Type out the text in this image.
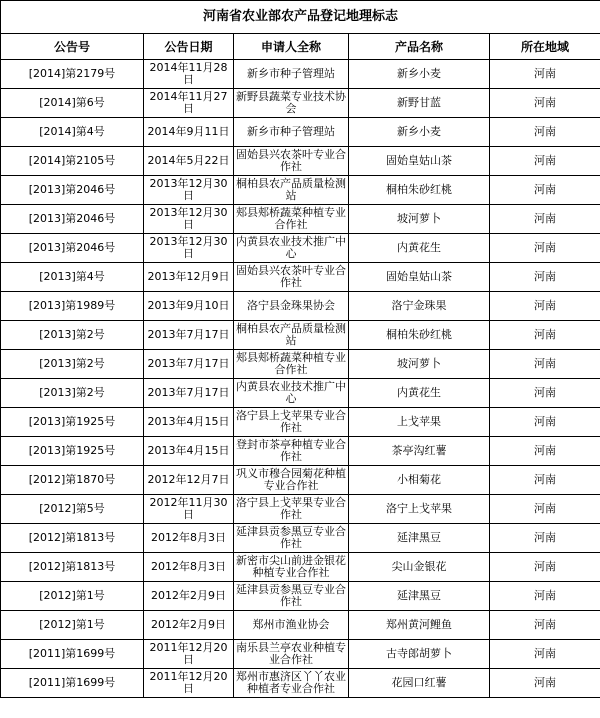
河南省农业部农产品登记地理标志				
公告号	公告日期	申请人全称	产品名称	所在地域
[2014]第2179号	2014年11月28日	新乡市种子管理站	新乡小麦	河南
[2014]第6号	2014年11月27日	新野县蔬菜专业技术协会	新野甘蓝	河南
[2014]第4号	2014年9月11日	新乡市种子管理站	新乡小麦	河南
[2014]第2105号	2014年5月22日	固始县兴农茶叶专业合作社	固始皇姑山茶	河南
[2013]第2046号	2013年12月30日	桐柏县农产品质量检测站	桐柏朱砂红桃	河南
[2013]第2046号	2013年12月30日	郏县郏桥蔬菜种植专业合作社	坡河萝卜	河南
[2013]第2046号	2013年12月30日	内黄县农业技术推广中心	内黄花生	河南
[2013]第4号	2013年12月9日	固始县兴农茶叶专业合作社	固始皇姑山茶	河南
[2013]第1989号	2013年9月10日	洛宁县金珠果协会	洛宁金珠果	河南
[2013]第2号	2013年7月17日	桐柏县农产品质量检测站	桐柏朱砂红桃	河南
[2013]第2号	2013年7月17日	郏县郏桥蔬菜种植专业合作社	坡河萝卜	河南
[2013]第2号	2013年7月17日	内黄县农业技术推广中心	内黄花生	河南
[2013]第1925号	2013年4月15日	洛宁县上戈苹果专业合作社	上戈苹果	河南
[2013]第1925号	2013年4月15日	登封市茶亭种植专业合作社	茶亭沟红薯	河南
[2012]第1870号	2012年12月7日	巩义市穆合园菊花种植专业合作社	小相菊花	河南
[2012]第5号	2012年11月30日	洛宁县上戈苹果专业合作社	洛宁上戈苹果	河南
[2012]第1813号	2012年8月3日	延津县贡参黑豆专业合作社	延津黑豆	河南
[2012]第1813号	2012年8月3日	新密市尖山前进金银花种植专业合作社	尖山金银花	河南
[2012]第1号	2012年2月9日	延津县贡参黑豆专业合作社	延津黑豆	河南
[2012]第1号	2012年2月9日	郑州市渔业协会	郑州黄河鲤鱼	河南
[2011]第1699号	2011年12月20日	南乐县兰亭农业种植专业合作社	古寺郎胡萝卜	河南
[2011]第1699号	2011年12月20日	郑州市惠济区丫丫农业种植者专业合作社	花园口红薯	河南
